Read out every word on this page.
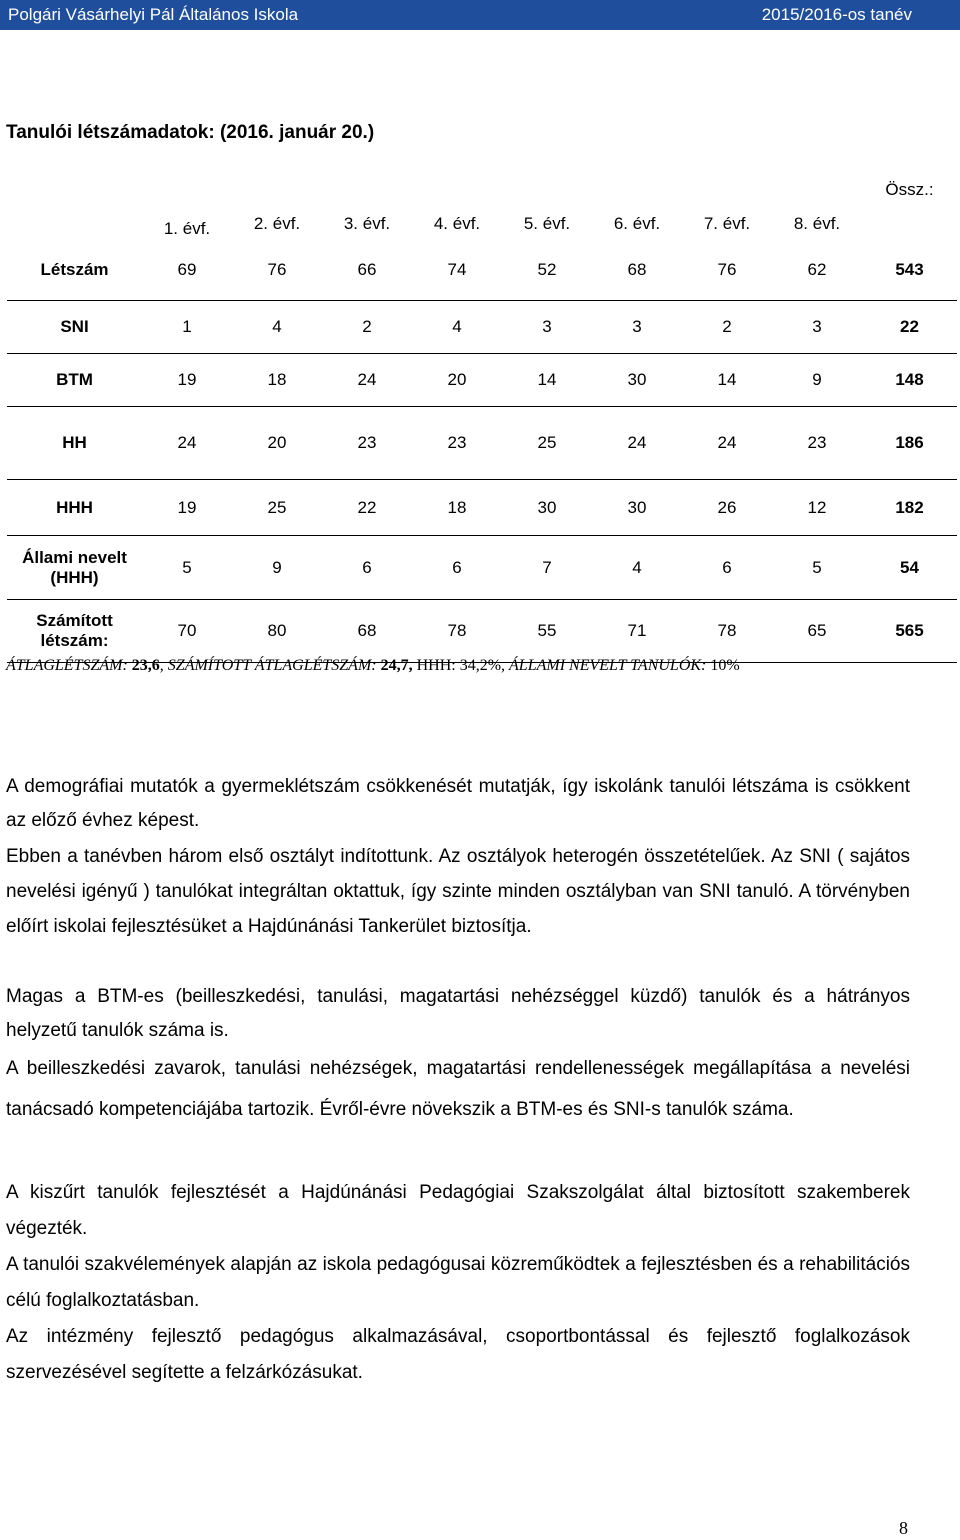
Polgári Vásárhelyi Pál Általános Iskola	2015/2016-os tanév
Tanulói létszámadatok: (2016. január 20.)
	1. évf.	2. évf.	3. évf.	4. évf.	5. évf.	6. évf.	7. évf.	8. évf.	Össz.:
Létszám	69	76	66	74	52	68	76	62	543
SNI	1	4	2	4	3	3	2	3	22
BTM	19	18	24	20	14	30	14	9	148
HH	24	20	23	23	25	24	24	23	186
HHH	19	25	22	18	30	30	26	12	182
Állami nevelt (HHH)	5	9	6	6	7	4	6	5	54
Számított létszám:	70	80	68	78	55	71	78	65	565
ÁTLAGLÉTSZÁM: 23,6, SZÁMÍTOTT ÁTLAGLÉTSZÁM: 24,7, HHH: 34,2%, ÁLLAMI NEVELT TANULÓK: 10%
A demográfiai mutatók a gyermeklétszám csökkenését mutatják, így iskolánk tanulói létszáma is csökkent az előző évhez képest.
Ebben a tanévben három első osztályt indítottunk. Az osztályok heterogén összetételűek. Az SNI ( sajátos nevelési igényű ) tanulókat integráltan oktattuk, így szinte minden osztályban van SNI tanuló. A törvényben előírt iskolai fejlesztésüket a Hajdúnánási Tankerület biztosítja.
Magas a BTM-es (beilleszkedési, tanulási, magatartási nehézséggel küzdő) tanulók és a hátrányos helyzetű tanulók száma is.
A beilleszkedési zavarok, tanulási nehézségek, magatartási rendellenességek megállapítása a nevelési tanácsadó kompetenciájába tartozik. Évről-évre növekszik a BTM-es és SNI-s tanulók száma.
A kiszűrt tanulók fejlesztését a Hajdúnánási Pedagógiai Szakszolgálat által biztosított szakemberek végezték.
A tanulói szakvélemények alapján az iskola pedagógusai közreműködtek a fejlesztésben és a rehabilitációs célú foglalkoztatásban.
Az intézmény fejlesztő pedagógus alkalmazásával, csoportbontással és fejlesztő foglalkozások szervezésével segítette a felzárkózásukat.
8
